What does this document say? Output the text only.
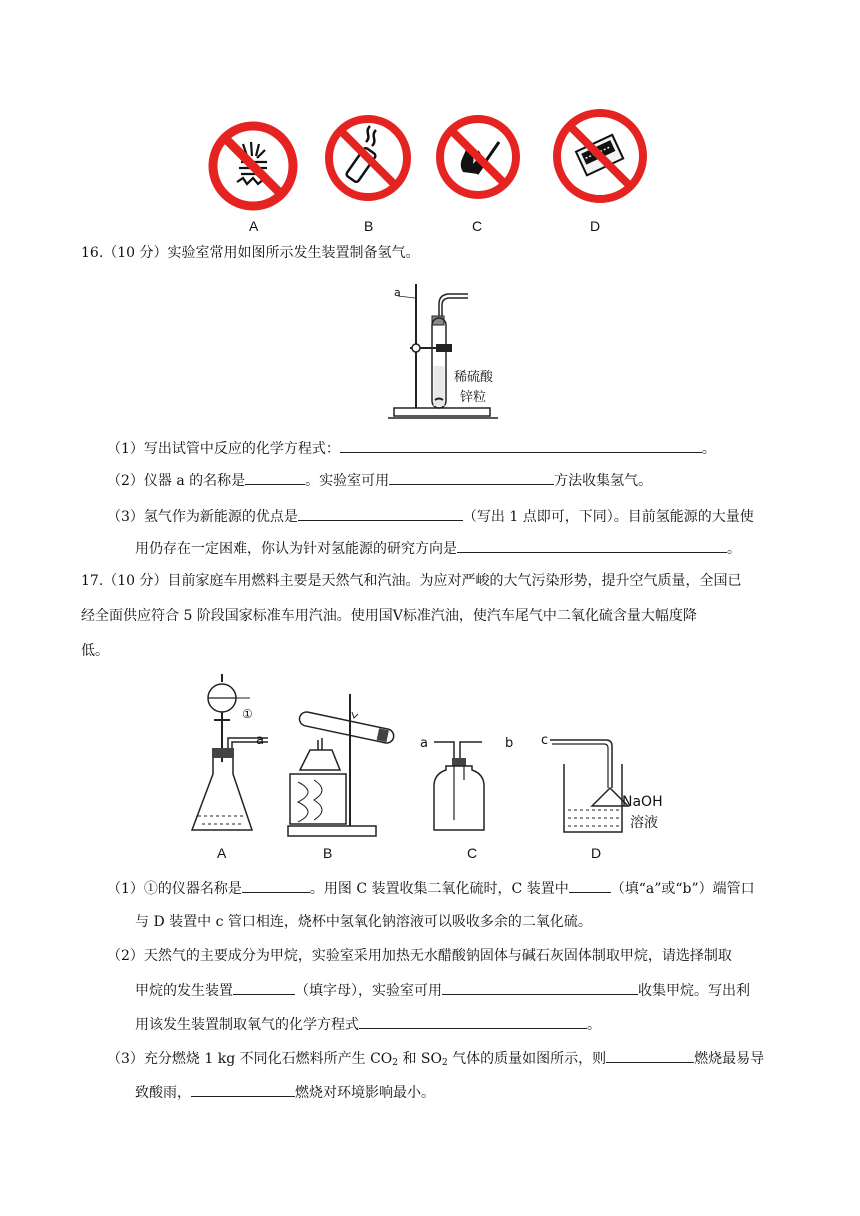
A	B	C	D
16.（10 分）实验室常用如图所示发生装置制备氢气。
a
稀硫酸
锌粒
（1）写出试管中反应的化学方程式：	。
（2）仪器 a 的名称是	。实验室可用	方法收集氢气。
（3）氢气作为新能源的优点是	（写出 1 点即可，下同）。目前氢能源的大量使
用仍存在一定困难，你认为针对氢能源的研究方向是	。
17.（10 分）目前家庭车用燃料主要是天然气和汽油。为应对严峻的大气污染形势，提升空气质量，全国已
经全面供应符合 5 阶段国家标准车用汽油。使用国Ⅴ标准汽油，使汽车尾气中二氧化硫含量大幅度降
低。
①
a	a	b c
NaOH
溶液
A	B	C	D
（1）①的仪器名称是	。用图 C 装置收集二氧化硫时，C 装置中	（填“a”或“b”）端管口
与 D 装置中 c 管口相连，烧杯中氢氧化钠溶液可以吸收多余的二氧化硫。
（2）天然气的主要成分为甲烷，实验室采用加热无水醋酸钠固体与碱石灰固体制取甲烷，请选择制取
甲烷的发生装置	（填字母），实验室可用	收集甲烷。写出利
用该发生装置制取氧气的化学方程式	。
（3）充分燃烧 1 kg 不同化石燃料所产生 $CO_2$ 和 $SO_2$ 气体的质量如图所示，则	燃烧最易导
致酸雨，	燃烧对环境影响最小。
